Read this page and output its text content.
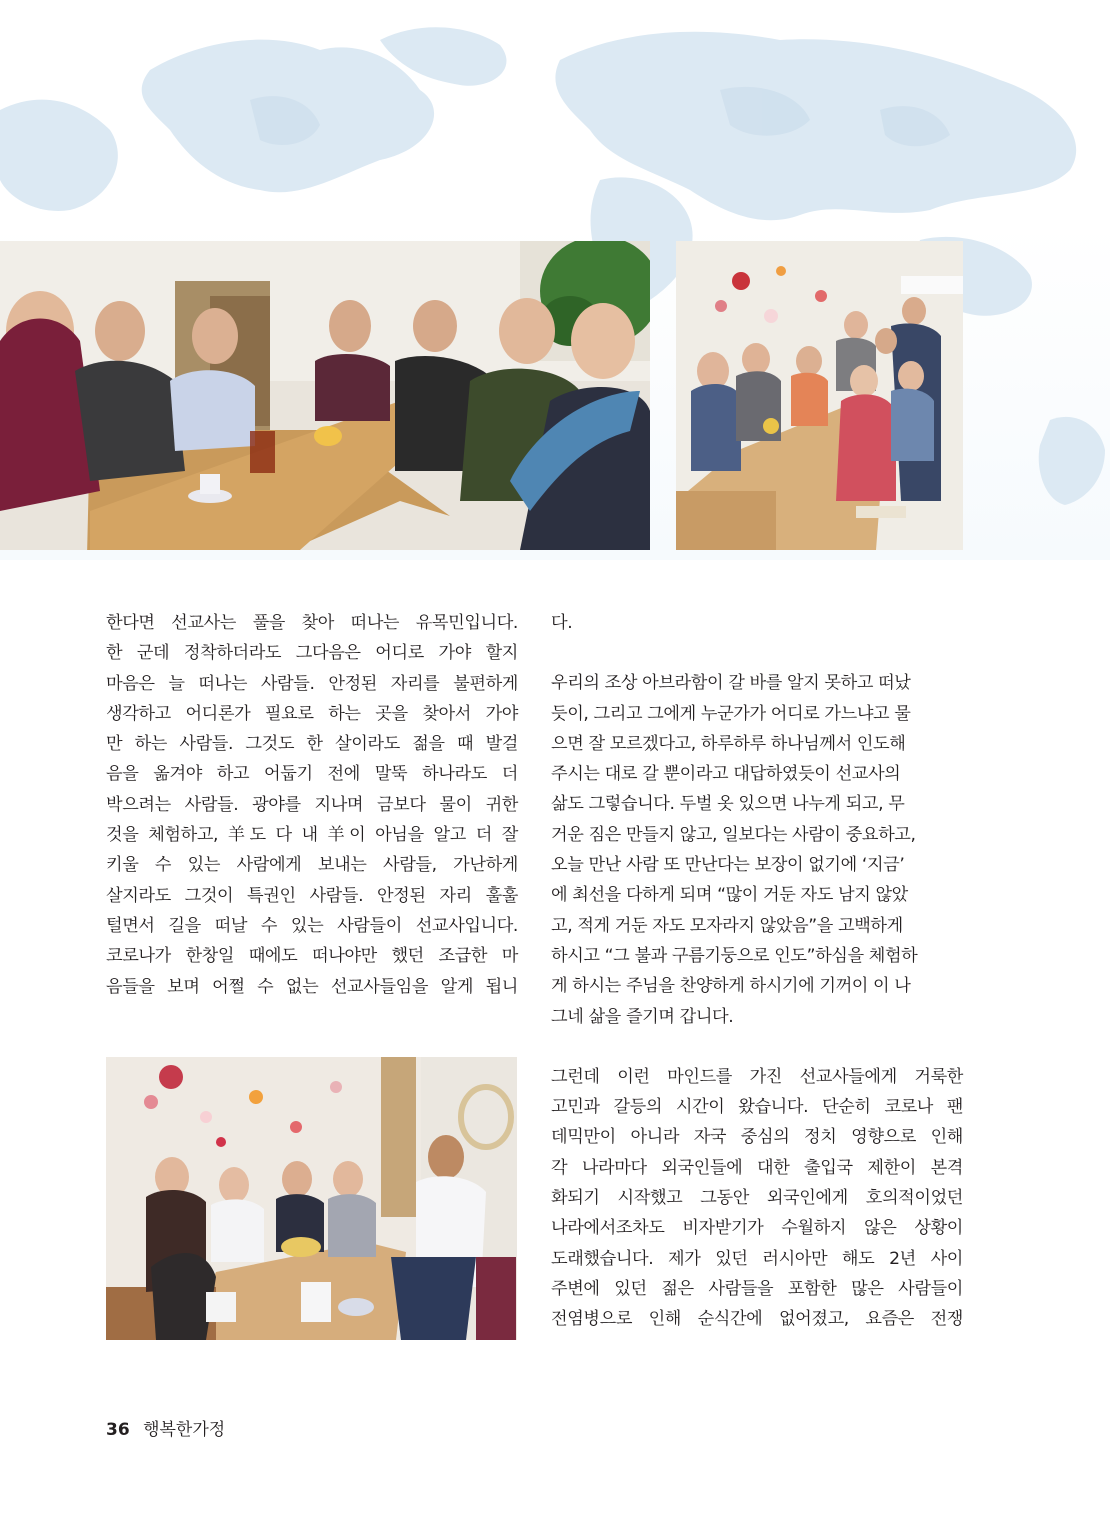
한다면 선교사는 풀을 찾아 떠나는 유목민입니다.
한 군데 정착하더라도 그다음은 어디로 가야 할지
마음은 늘 떠나는 사람들. 안정된 자리를 불편하게
생각하고 어디론가 필요로 하는 곳을 찾아서 가야
만 하는 사람들. 그것도 한 살이라도 젊을 때 발걸
음을 옮겨야 하고 어둡기 전에 말뚝 하나라도 더
박으려는 사람들. 광야를 지나며 금보다 물이 귀한
것을 체험하고, 羊도 다 내 羊이 아님을 알고 더 잘
키울 수 있는 사람에게 보내는 사람들, 가난하게
살지라도 그것이 특권인 사람들. 안정된 자리 훌훌
털면서 길을 떠날 수 있는 사람들이 선교사입니다.
코로나가 한창일 때에도 떠나야만 했던 조급한 마
음들을 보며 어쩔 수 없는 선교사들임을 알게 됩니

다.

우리의 조상 아브라함이 갈 바를 알지 못하고 떠났
듯이, 그리고 그에게 누군가가 어디로 가느냐고 물
으면 잘 모르겠다고, 하루하루 하나님께서 인도해
주시는 대로 갈 뿐이라고 대답하였듯이 선교사의
삶도 그렇습니다. 두벌 옷 있으면 나누게 되고, 무
거운 짐은 만들지 않고, 일보다는 사람이 중요하고,
오늘 만난 사람 또 만난다는 보장이 없기에 ‘지금’
에 최선을 다하게 되며 “많이 거둔 자도 남지 않았
고, 적게 거둔 자도 모자라지 않았음”을 고백하게
하시고 “그 불과 구름기둥으로 인도”하심을 체험하
게 하시는 주님을 찬양하게 하시기에 기꺼이 이 나
그네 삶을 즐기며 갑니다.

그런데 이런 마인드를 가진 선교사들에게 거룩한
고민과 갈등의 시간이 왔습니다. 단순히 코로나 팬
데믹만이 아니라 자국 중심의 정치 영향으로 인해
각 나라마다 외국인들에 대한 출입국 제한이 본격
화되기 시작했고 그동안 외국인에게 호의적이었던
나라에서조차도 비자받기가 수월하지 않은 상황이
도래했습니다. 제가 있던 러시아만 해도 2년 사이
주변에 있던 젊은 사람들을 포함한 많은 사람들이
전염병으로 인해 순식간에 없어졌고, 요즘은 전쟁

36 행복한가정
